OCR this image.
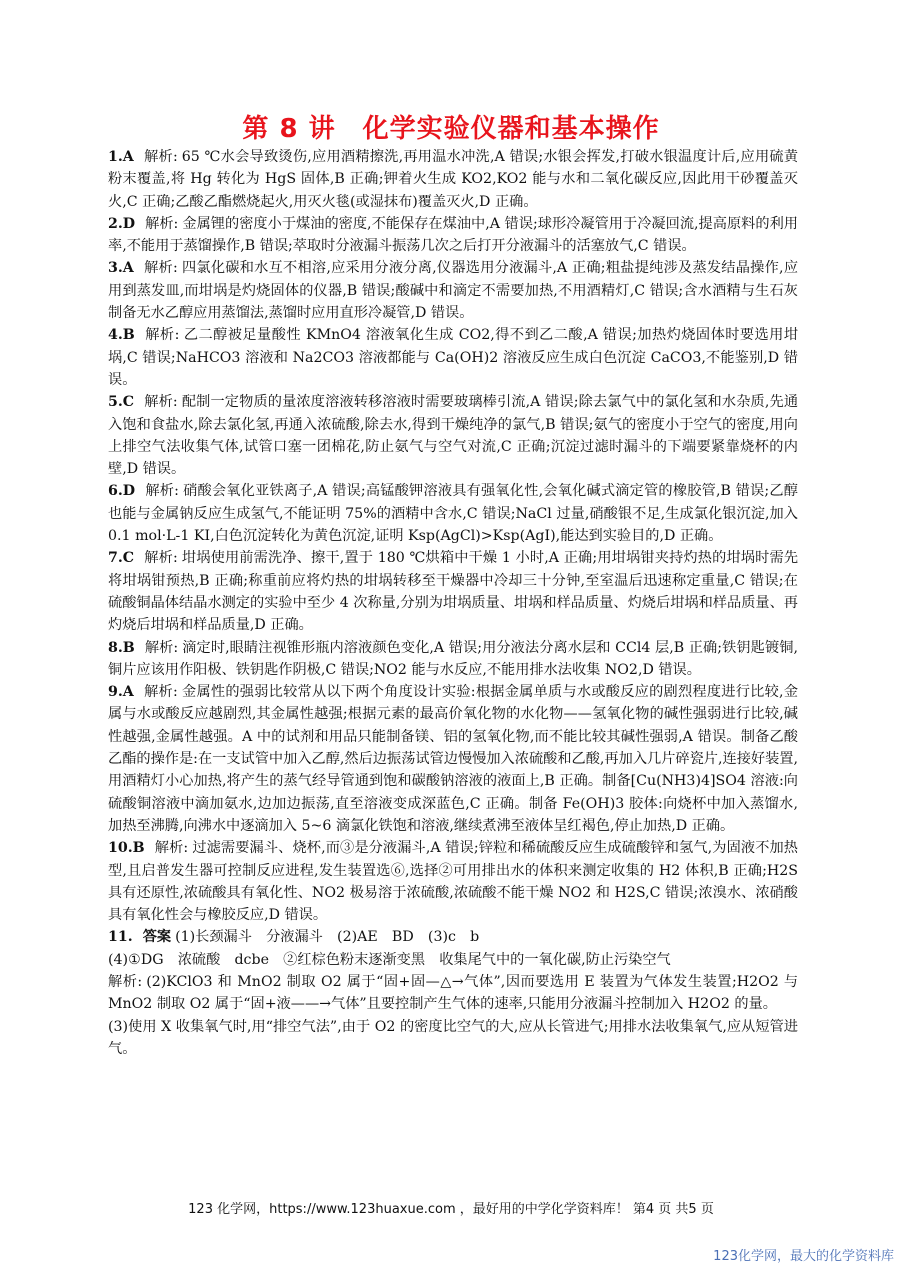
第 8 讲　化学实验仪器和基本操作

1.A 解析: 65 ℃水会导致烫伤,应用酒精擦洗,再用温水冲洗,A 错误;水银会挥发,打破水银温度计后,应用硫黄粉末覆盖,将 Hg 转化为 HgS 固体,B 正确;钾着火生成 KO2,KO2 能与水和二氧化碳反应,因此用干砂覆盖灭火,C 正确;乙酸乙酯燃烧起火,用灭火毯(或湿抹布)覆盖灭火,D 正确。

2.D 解析: 金属锂的密度小于煤油的密度,不能保存在煤油中,A 错误;球形冷凝管用于冷凝回流,提高原料的利用率,不能用于蒸馏操作,B 错误;萃取时分液漏斗振荡几次之后打开分液漏斗的活塞放气,C 错误。

3.A 解析: 四氯化碳和水互不相溶,应采用分液分离,仪器选用分液漏斗,A 正确;粗盐提纯涉及蒸发结晶操作,应用到蒸发皿,而坩埚是灼烧固体的仪器,B 错误;酸碱中和滴定不需要加热,不用酒精灯,C 错误;含水酒精与生石灰制备无水乙醇应用蒸馏法,蒸馏时应用直形冷凝管,D 错误。

4.B 解析: 乙二醇被足量酸性 KMnO4 溶液氧化生成 CO2,得不到乙二酸,A 错误;加热灼烧固体时要选用坩埚,C 错误;NaHCO3 溶液和 Na2CO3 溶液都能与 Ca(OH)2 溶液反应生成白色沉淀 CaCO3,不能鉴别,D 错误。

5.C 解析: 配制一定物质的量浓度溶液转移溶液时需要玻璃棒引流,A 错误;除去氯气中的氯化氢和水杂质,先通入饱和食盐水,除去氯化氢,再通入浓硫酸,除去水,得到干燥纯净的氯气,B 错误;氨气的密度小于空气的密度,用向上排空气法收集气体,试管口塞一团棉花,防止氨气与空气对流,C 正确;沉淀过滤时漏斗的下端要紧靠烧杯的内壁,D 错误。

6.D 解析: 硝酸会氧化亚铁离子,A 错误;高锰酸钾溶液具有强氧化性,会氧化碱式滴定管的橡胶管,B 错误;乙醇也能与金属钠反应生成氢气,不能证明 75%的酒精中含水,C 错误;NaCl 过量,硝酸银不足,生成氯化银沉淀,加入 0.1 mol·L-1 KI,白色沉淀转化为黄色沉淀,证明 Ksp(AgCl)>Ksp(AgI),能达到实验目的,D 正确。

7.C 解析: 坩埚使用前需洗净、擦干,置于 180 ℃烘箱中干燥 1 小时,A 正确;用坩埚钳夹持灼热的坩埚时需先将坩埚钳预热,B 正确;称重前应将灼热的坩埚转移至干燥器中冷却三十分钟,至室温后迅速称定重量,C 错误;在硫酸铜晶体结晶水测定的实验中至少 4 次称量,分别为坩埚质量、坩埚和样品质量、灼烧后坩埚和样品质量、再灼烧后坩埚和样品质量,D 正确。

8.B 解析: 滴定时,眼睛注视锥形瓶内溶液颜色变化,A 错误;用分液法分离水层和 CCl4 层,B 正确;铁钥匙镀铜,铜片应该用作阳极、铁钥匙作阴极,C 错误;NO2 能与水反应,不能用排水法收集 NO2,D 错误。

9.A 解析: 金属性的强弱比较常从以下两个角度设计实验:根据金属单质与水或酸反应的剧烈程度进行比较,金属与水或酸反应越剧烈,其金属性越强;根据元素的最高价氧化物的水化物——氢氧化物的碱性强弱进行比较,碱性越强,金属性越强。A 中的试剂和用品只能制备镁、铝的氢氧化物,而不能比较其碱性强弱,A 错误。制备乙酸乙酯的操作是:在一支试管中加入乙醇,然后边振荡试管边慢慢加入浓硫酸和乙酸,再加入几片碎瓷片,连接好装置,用酒精灯小心加热,将产生的蒸气经导管通到饱和碳酸钠溶液的液面上,B 正确。制备[Cu(NH3)4]SO4 溶液:向硫酸铜溶液中滴加氨水,边加边振荡,直至溶液变成深蓝色,C 正确。制备 Fe(OH)3 胶体:向烧杯中加入蒸馏水,加热至沸腾,向沸水中逐滴加入 5~6 滴氯化铁饱和溶液,继续煮沸至液体呈红褐色,停止加热,D 正确。

10.B 解析: 过滤需要漏斗、烧杯,而③是分液漏斗,A 错误;锌粒和稀硫酸反应生成硫酸锌和氢气,为固液不加热型,且启普发生器可控制反应进程,发生装置选⑥,选择②可用排出水的体积来测定收集的 H2 体积,B 正确;H2S 具有还原性,浓硫酸具有氧化性、NO2 极易溶于浓硫酸,浓硫酸不能干燥 NO2 和 H2S,C 错误;浓溴水、浓硝酸具有氧化性会与橡胶反应,D 错误。

11. 答案 (1)长颈漏斗　分液漏斗　(2)AE　BD　(3)c　b

(4)①DG　浓硫酸　dcbe　②红棕色粉末逐渐变黑　收集尾气中的一氧化碳,防止污染空气

解析: (2)KClO3 和 MnO2 制取 O2 属于“固+固—△→气体”,因而要选用 E 装置为气体发生装置;H2O2 与 MnO2 制取 O2 属于“固+液——→气体”且要控制产生气体的速率,只能用分液漏斗控制加入 H2O2 的量。

(3)使用 X 收集氧气时,用“排空气法”,由于 O2 的密度比空气的大,应从长管进气;用排水法收集氧气,应从短管进气。

123 化学网，https://www.123huaxue.com ，最好用的中学化学资料库！ 第4 页 共5 页
123化学网，最大的化学资料库
